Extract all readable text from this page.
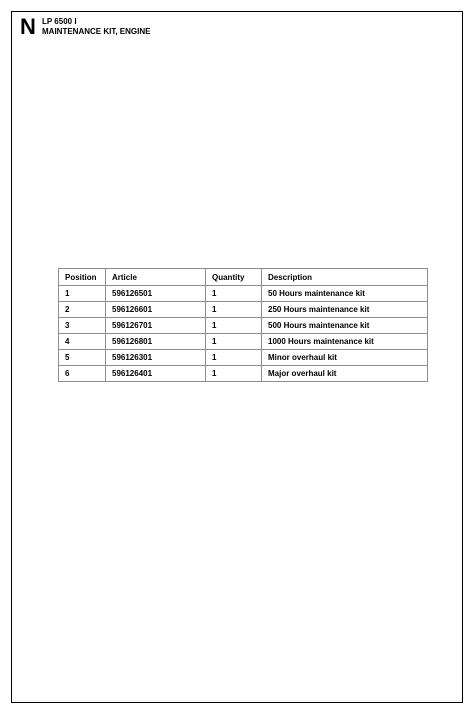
N LP 6500 I
MAINTENANCE KIT, ENGINE
Position	Article	Quantity	Description
1	596126501	1	50 Hours maintenance kit
2	596126601	1	250 Hours maintenance kit
3	596126701	1	500 Hours maintenance kit
4	596126801	1	1000 Hours maintenance kit
5	596126301	1	Minor overhaul kit
6	596126401	1	Major overhaul kit
